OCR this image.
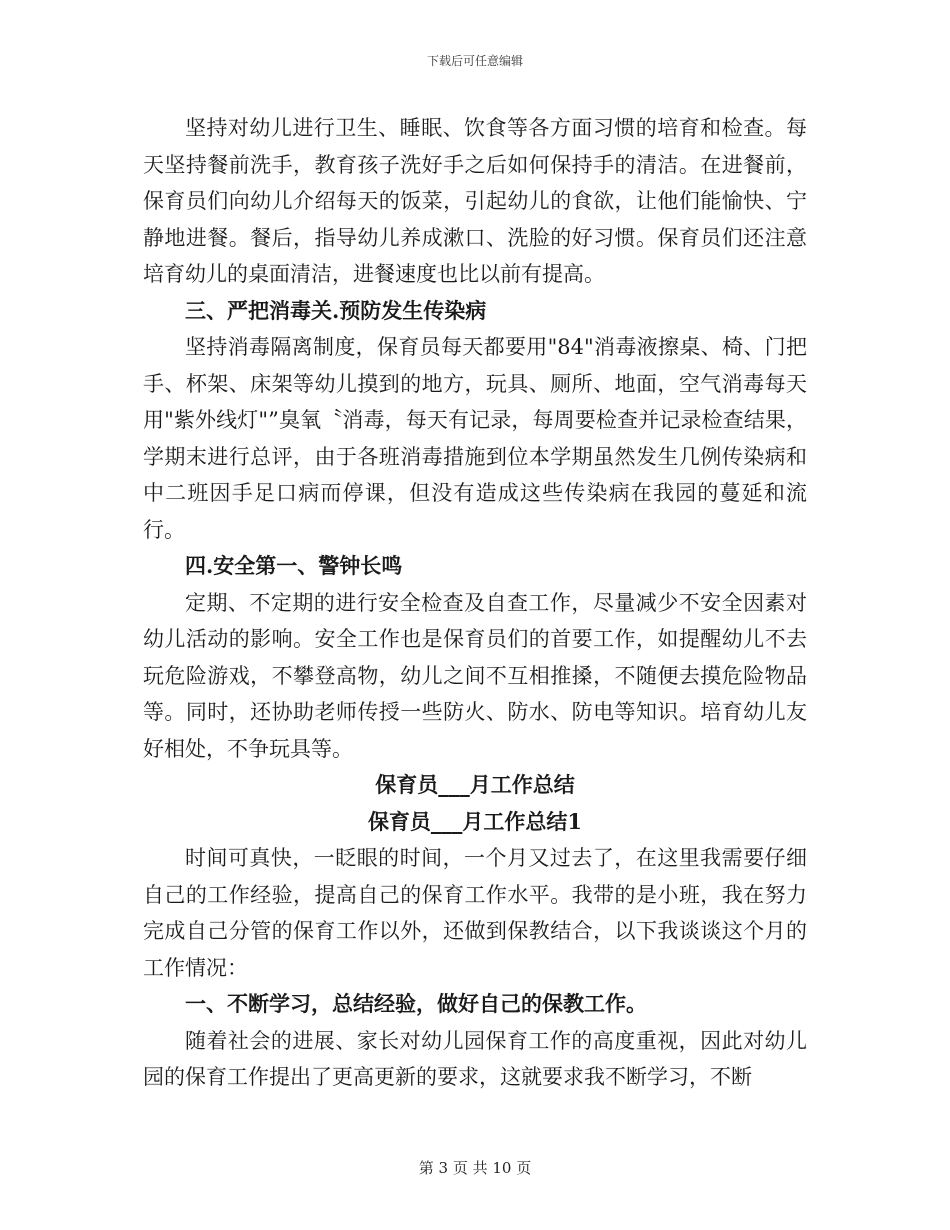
下载后可任意编辑

坚持对幼儿进行卫生、睡眠、饮食等各方面习惯的培育和检查。每天坚持餐前洗手，教育孩子洗好手之后如何保持手的清洁。在进餐前，保育员们向幼儿介绍每天的饭菜，引起幼儿的食欲，让他们能愉快、宁静地进餐。餐后，指导幼儿养成漱口、洗脸的好习惯。保育员们还注意培育幼儿的桌面清洁，进餐速度也比以前有提高。

三、严把消毒关.预防发生传染病

坚持消毒隔离制度，保育员每天都要用"84"消毒液擦桌、椅、门把手、杯架、床架等幼儿摸到的地方，玩具、厕所、地面，空气消毒每天用"紫外线灯"”臭氧〝消毒，每天有记录，每周要检查并记录检查结果，学期末进行总评，由于各班消毒措施到位本学期虽然发生几例传染病和中二班因手足口病而停课，但没有造成这些传染病在我园的蔓延和流行。

四.安全第一、警钟长鸣

定期、不定期的进行安全检查及自查工作，尽量减少不安全因素对幼儿活动的影响。安全工作也是保育员们的首要工作，如提醒幼儿不去玩危险游戏，不攀登高物，幼儿之间不互相推搡，不随便去摸危险物品等。同时，还协助老师传授一些防火、防水、防电等知识。培育幼儿友好相处，不争玩具等。

保育员___月工作总结

保育员___月工作总结1

时间可真快，一眨眼的时间，一个月又过去了，在这里我需要仔细自己的工作经验，提高自己的保育工作水平。我带的是小班，我在努力完成自己分管的保育工作以外，还做到保教结合，以下我谈谈这个月的工作情况：

一、不断学习，总结经验，做好自己的保教工作。

随着社会的进展、家长对幼儿园保育工作的高度重视，因此对幼儿园的保育工作提出了更高更新的要求，这就要求我不断学习，不断

第 3 页 共 10 页
